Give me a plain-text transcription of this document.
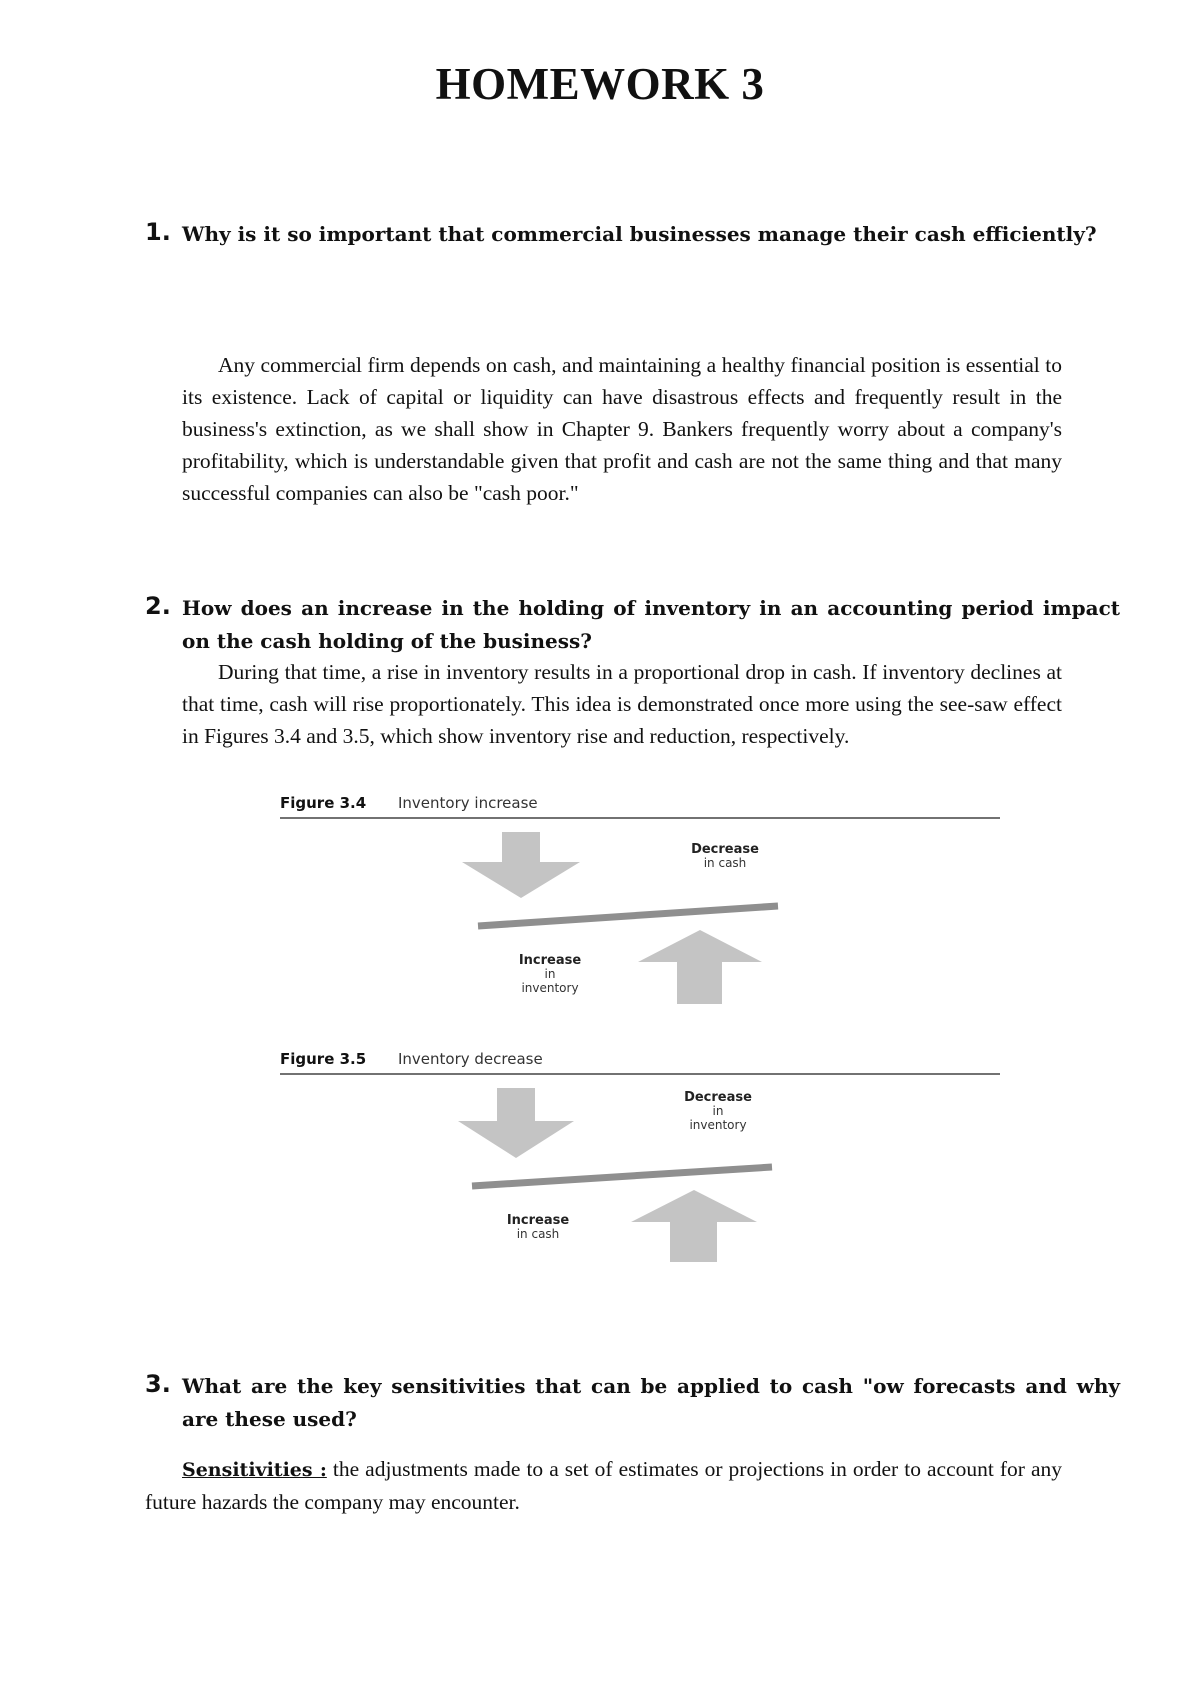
HOMEWORK 3
1. Why is it so important that commercial businesses manage their cash efficiently?
Any commercial firm depends on cash, and maintaining a healthy financial position is essential to its existence. Lack of capital or liquidity can have disastrous effects and frequently result in the business's extinction, as we shall show in Chapter 9. Bankers frequently worry about a company's profitability, which is understandable given that profit and cash are not the same thing and that many successful companies can also be "cash poor."
2. How does an increase in the holding of inventory in an accounting period impact on the cash holding of the business?
During that time, a rise in inventory results in a proportional drop in cash. If inventory declines at that time, cash will rise proportionately. This idea is demonstrated once more using the see-saw effect in Figures 3.4 and 3.5, which show inventory rise and reduction, respectively.
Figure 3.4 Inventory increase
Decrease
in cash
Increase
in
inventory
Figure 3.5 Inventory decrease
Decrease
in
inventory
Increase
in cash
3. What are the key sensitivities that can be applied to cash "ow forecasts and why are these used?
Sensitivities : the adjustments made to a set of estimates or projections in order to account for any future hazards the company may encounter.
